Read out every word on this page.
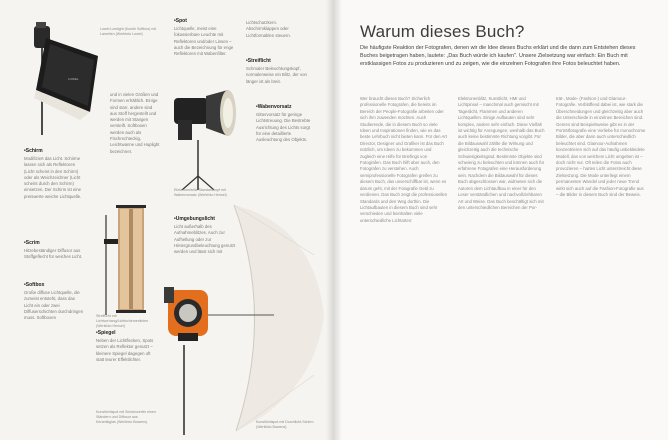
LOWEL
Lowel Lowlight (Kombi Softbox) mit Lamellen (Werkfoto Lowel)
und in vielen Größen und Formen erhältlich. Einige sind starr, andere sind aus Stoff hergestellt und werden mit Stangen versteift. Softboxen werden auch als Fischrechteckig, Leichtwanne und Huplight bezeichnet.
•Spot
Lichtquelle, meist eine fokussierbare Leuchte mit Reflektoren und/oder Linsen – auch die Bezeichnung für enge Reflektoren mit Wabenfilter.
Lichtschutzkern. Abschirmklappen oder Lichtformablen steuern.
•Streiflicht
Schmaler Beleuchtungskopf, normalerweise ein Blitz, der von länger ist als breit.
•Wabenvorsatz
Gittervorsatz für geringe Lichtstreuung. Die Bestrebte Ausrichtung des Lichts sorgt für eine detaillierte Ausleuchtung des Objekts.
•Schirm
Modifiziert das Licht. Schirme lassen sich als Reflektoren (Licht scheint in den Schirm) oder als Weichzeichner (Licht scheint durch den Schirm) einsetzen. Der Schirm ist eine preiswerte weiche Lichtquelle.
•Scrim
Hitzebeständiger Diffusor aus Stoffgeflecht für weiches Licht.
•Softbox
Große diffuse Lichtquelle, die zumeist entsteht, dass das Licht ein oder zwei Diffuserschichten durchdringen muss. Softboxen
Elektronenblitz Standardkopf mit Wabenvorsatz (Werkfoto Hensel)
•Umgebungslicht
Licht außerhalb des Aufnahmeblitzes. Auch zur Aufhellung oder zur Hintergrundbeleuchtung genutzt werden und lässt sich mit
Streiflicht mit Lichtvorhang/Lichtschirmenlinien (Werkfoto Hensel)
•Spiegel
Neben der Lichtflecken, Spots setzen als Reflektor genutzt – kleinere Spiegel dagegen oft statt teurer Effektlichter.
Kunstlichtspot mit Scheinwerfer einen Ständern und Diffusor aus Keramikglas (Werkfoto Bowens)	Kunstlichtspot mit Durchlicht-Schirm (Werkfoto Bowens)
Warum dieses Buch?
Die häufigste Reaktion der Fotografen, denen wir die Idee dieses Buchs erklärt und die dann zum Entstehen dieses Buches beigetragen haben, lautete: „Das Buch würde ich kaufen". Unsere Zielsetzung war einfach: Ein Buch mit erstklassigen Fotos zu produzieren und zu zeigen, wie die einzelnen Fotografen ihre Fotos beleuchtet haben.
Wer braucht dieses Buch? Sicherlich professionelle Fotografen, die bereits im Bereich der People-Fotografie arbeiten oder sich ihm zuwenden möchten. Auch Studierende, die in diesem Buch so viele Ideen und Inspirationen finden, wie es das beste Lehrbuch nicht bieten kann. Für den Art Director, Designer und Grafiker ist das Buch nützlich, um Ideen zu bekommen und zugleich eine Hilfe für Briefings von Fotografen. Das Buch hilft aber auch, den Fotografen zu verstehen. Auch semiprofessionelle Fotografen greifen zu diesem Buch, das unverschiffbar ist, wenn es darum geht, mit der Fotografie Geld zu verdienen. Das Buch zeigt die professionellen Standards und den Weg dorthin. Die Lichtaufbauten in diesem Buch sind sehr verschieden und beinhalten viele unterschiedliche Lichtarten:
Elektronenblitz, Kunstlicht, HMI und Lichtpinsel – manchmal auch gemischt mit Tageslicht, Flammen und anderen Lichtquellen. Einige Aufbauten sind sehr komplex, andere sehr einfach. Diese Vielfalt ist wichtig für Anregungen, weshalb das Buch auch keine bestimmte Richtung vorgibt. Für die Bildauswahl zählte die Wirkung und gleichzeitig auch die technische Schwierigkeitsgrad. Bestimmte Objekte sind schwierig zu beleuchten und können auch für erfahrene Fotografen eine Herausforderung sein. Nachdem die Bildauswahl für dieses Buch abgeschlossen war, widmeten sich die Autoren dem Lichtaufbau in einer für den Leser verständlichen und nachvollziehbaren Art und Weise. Das Buch beschäftigt sich mit den unterschiedlichen Bereichen der Por-
trät-, Mode- (Fashion-) und Glamour-Fotografie. Verblüffend dabei ist, wie stark die Überschneidungen und gleichzeitig aber auch die Unterschiede in einzelnen Bereichen sind. Genres sind Beispielsweise gibt es in der Porträtfotografie eine Vorliebe für monochrome Bilder, die aber dann auch unterschiedlich beleuchtet sind. Glamour-Aufnahmen konzentrieren sich auf das häufig unbekleidete Modell, das von welchem Licht umgeben ist – doch nicht nur. Oft teilen die Fotos auch provozieren – hartes Licht unterstreicht diese Zielsetzung. Die Mode unterliegt einem permanenten Wandel und jeder neue Trend wirkt sich auch auf die Fashion-Fotografie aus – die Bilder in diesem Buch sind der Beweis.
